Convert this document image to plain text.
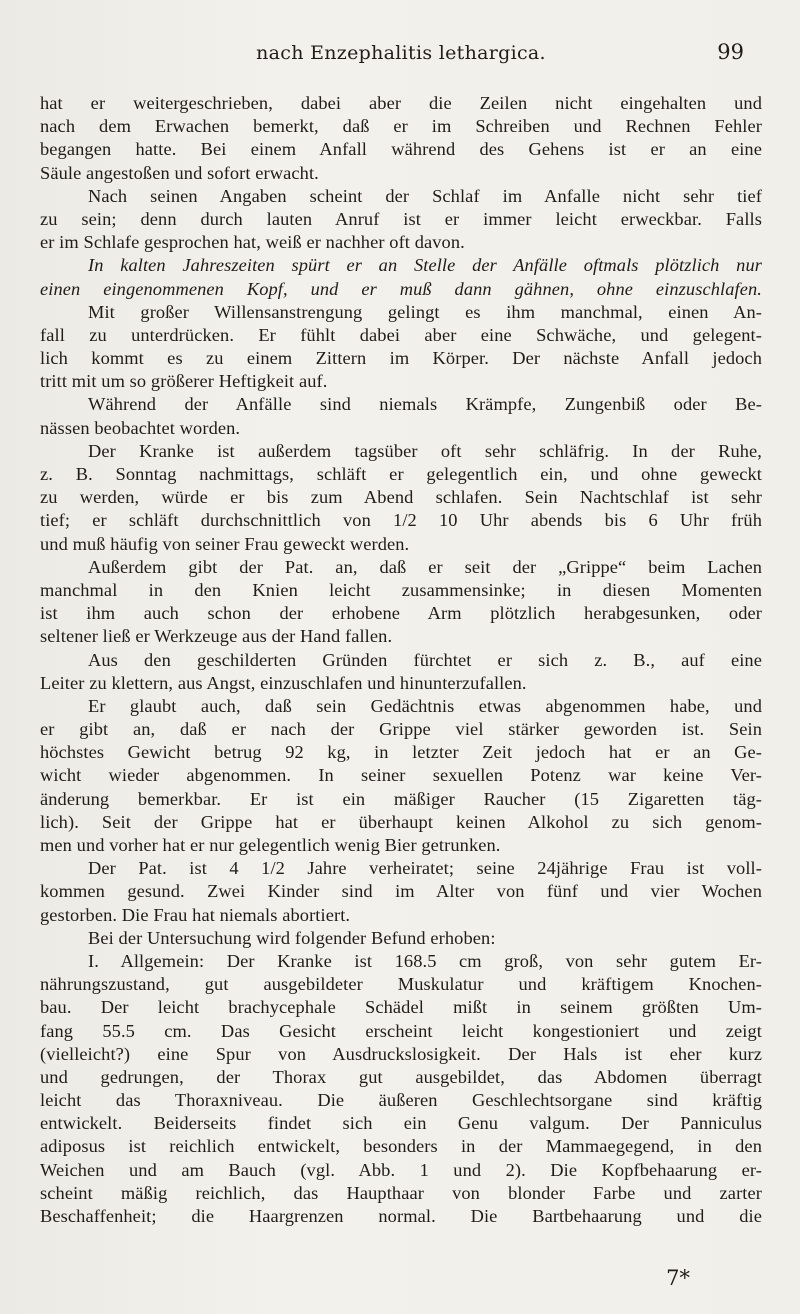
nach Enzephalitis lethargica.	99
hat er weitergeschrieben, dabei aber die Zeilen nicht eingehalten und
nach dem Erwachen bemerkt, daß er im Schreiben und Rechnen Fehler
begangen hatte. Bei einem Anfall während des Gehens ist er an eine
Säule angestoßen und sofort erwacht.
Nach seinen Angaben scheint der Schlaf im Anfalle nicht sehr tief
zu sein; denn durch lauten Anruf ist er immer leicht erweckbar. Falls
er im Schlafe gesprochen hat, weiß er nachher oft davon.
In kalten Jahreszeiten spürt er an Stelle der Anfälle oftmals plötzlich nur
einen eingenommenen Kopf, und er muß dann gähnen, ohne einzuschlafen.
Mit großer Willensanstrengung gelingt es ihm manchmal, einen An-
fall zu unterdrücken. Er fühlt dabei aber eine Schwäche, und gelegent-
lich kommt es zu einem Zittern im Körper. Der nächste Anfall jedoch
tritt mit um so größerer Heftigkeit auf.
Während der Anfälle sind niemals Krämpfe, Zungenbiß oder Be-
nässen beobachtet worden.
Der Kranke ist außerdem tagsüber oft sehr schläfrig. In der Ruhe,
z. B. Sonntag nachmittags, schläft er gelegentlich ein, und ohne geweckt
zu werden, würde er bis zum Abend schlafen. Sein Nachtschlaf ist sehr
tief; er schläft durchschnittlich von 1/2 10 Uhr abends bis 6 Uhr früh
und muß häufig von seiner Frau geweckt werden.
Außerdem gibt der Pat. an, daß er seit der „Grippe“ beim Lachen
manchmal in den Knien leicht zusammensinke; in diesen Momenten
ist ihm auch schon der erhobene Arm plötzlich herabgesunken, oder
seltener ließ er Werkzeuge aus der Hand fallen.
Aus den geschilderten Gründen fürchtet er sich z. B., auf eine
Leiter zu klettern, aus Angst, einzuschlafen und hinunterzufallen.
Er glaubt auch, daß sein Gedächtnis etwas abgenommen habe, und
er gibt an, daß er nach der Grippe viel stärker geworden ist. Sein
höchstes Gewicht betrug 92 kg, in letzter Zeit jedoch hat er an Ge-
wicht wieder abgenommen. In seiner sexuellen Potenz war keine Ver-
änderung bemerkbar. Er ist ein mäßiger Raucher (15 Zigaretten täg-
lich). Seit der Grippe hat er überhaupt keinen Alkohol zu sich genom-
men und vorher hat er nur gelegentlich wenig Bier getrunken.
Der Pat. ist 4 1/2 Jahre verheiratet; seine 24jährige Frau ist voll-
kommen gesund. Zwei Kinder sind im Alter von fünf und vier Wochen
gestorben. Die Frau hat niemals abortiert.
Bei der Untersuchung wird folgender Befund erhoben:
I. Allgemein: Der Kranke ist 168.5 cm groß, von sehr gutem Er-
nährungszustand, gut ausgebildeter Muskulatur und kräftigem Knochen-
bau. Der leicht brachycephale Schädel mißt in seinem größten Um-
fang 55.5 cm. Das Gesicht erscheint leicht kongestioniert und zeigt
(vielleicht?) eine Spur von Ausdruckslosigkeit. Der Hals ist eher kurz
und gedrungen, der Thorax gut ausgebildet, das Abdomen überragt
leicht das Thoraxniveau. Die äußeren Geschlechtsorgane sind kräftig
entwickelt. Beiderseits findet sich ein Genu valgum. Der Panniculus
adiposus ist reichlich entwickelt, besonders in der Mammaegegend, in den
Weichen und am Bauch (vgl. Abb. 1 und 2). Die Kopfbehaarung er-
scheint mäßig reichlich, das Haupthaar von blonder Farbe und zarter
Beschaffenheit; die Haargrenzen normal. Die Bartbehaarung und die
7*
